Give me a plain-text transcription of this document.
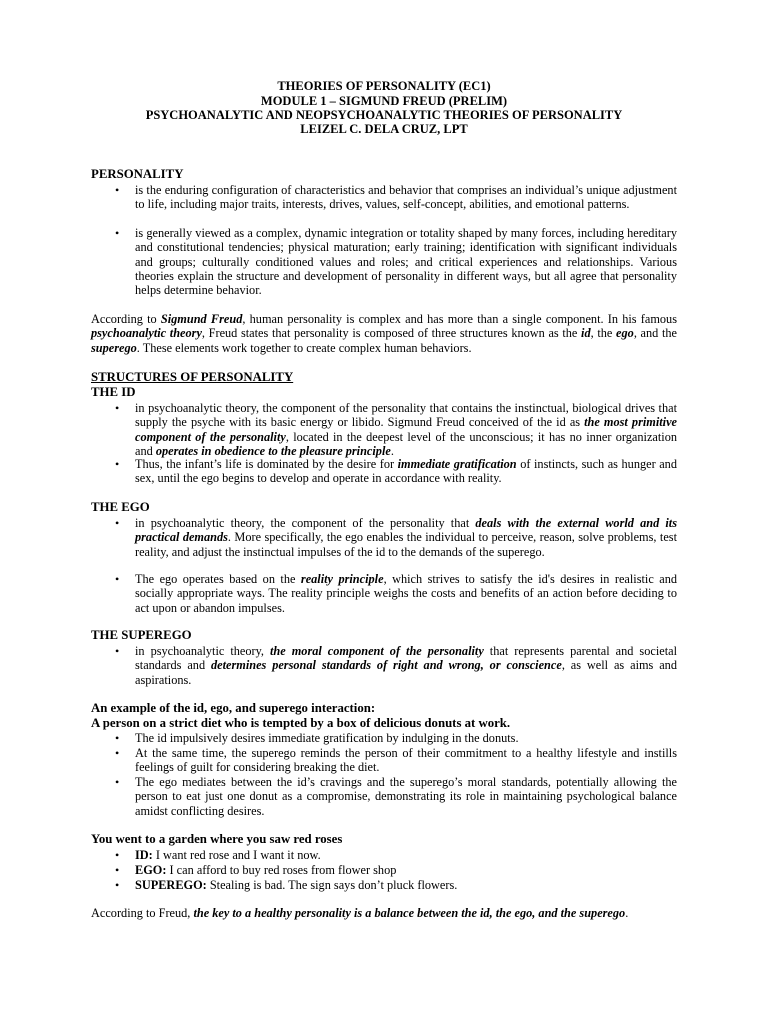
THEORIES OF PERSONALITY (EC1)
MODULE 1 – SIGMUND FREUD (PRELIM)
PSYCHOANALYTIC AND NEOPSYCHOANALYTIC THEORIES OF PERSONALITY
LEIZEL C. DELA CRUZ, LPT
PERSONALITY
•	is the enduring configuration of characteristics and behavior that comprises an individual’s unique adjustment to life, including major traits, interests, drives, values, self-concept, abilities, and emotional patterns.
•	is generally viewed as a complex, dynamic integration or totality shaped by many forces, including hereditary and constitutional tendencies; physical maturation; early training; identification with significant individuals and groups; culturally conditioned values and roles; and critical experiences and relationships. Various theories explain the structure and development of personality in different ways, but all agree that personality helps determine behavior.
According to Sigmund Freud, human personality is complex and has more than a single component. In his famous psychoanalytic theory, Freud states that personality is composed of three structures known as the id, the ego, and the superego. These elements work together to create complex human behaviors.
STRUCTURES OF PERSONALITY
THE ID
•	in psychoanalytic theory, the component of the personality that contains the instinctual, biological drives that supply the psyche with its basic energy or libido. Sigmund Freud conceived of the id as the most primitive component of the personality, located in the deepest level of the unconscious; it has no inner organization and operates in obedience to the pleasure principle.
•	Thus, the infant’s life is dominated by the desire for immediate gratification of instincts, such as hunger and sex, until the ego begins to develop and operate in accordance with reality.
THE EGO
•	in psychoanalytic theory, the component of the personality that deals with the external world and its practical demands. More specifically, the ego enables the individual to perceive, reason, solve problems, test reality, and adjust the instinctual impulses of the id to the demands of the superego.
•	The ego operates based on the reality principle, which strives to satisfy the id's desires in realistic and socially appropriate ways. The reality principle weighs the costs and benefits of an action before deciding to act upon or abandon impulses.
THE SUPEREGO
•	in psychoanalytic theory, the moral component of the personality that represents parental and societal standards and determines personal standards of right and wrong, or conscience, as well as aims and aspirations.
An example of the id, ego, and superego interaction:
A person on a strict diet who is tempted by a box of delicious donuts at work.
•	The id impulsively desires immediate gratification by indulging in the donuts.
•	At the same time, the superego reminds the person of their commitment to a healthy lifestyle and instills feelings of guilt for considering breaking the diet.
•	The ego mediates between the id’s cravings and the superego’s moral standards, potentially allowing the person to eat just one donut as a compromise, demonstrating its role in maintaining psychological balance amidst conflicting desires.
You went to a garden where you saw red roses
•	ID: I want red rose and I want it now.
•	EGO: I can afford to buy red roses from flower shop
•	SUPEREGO: Stealing is bad. The sign says don’t pluck flowers.
According to Freud, the key to a healthy personality is a balance between the id, the ego, and the superego.
